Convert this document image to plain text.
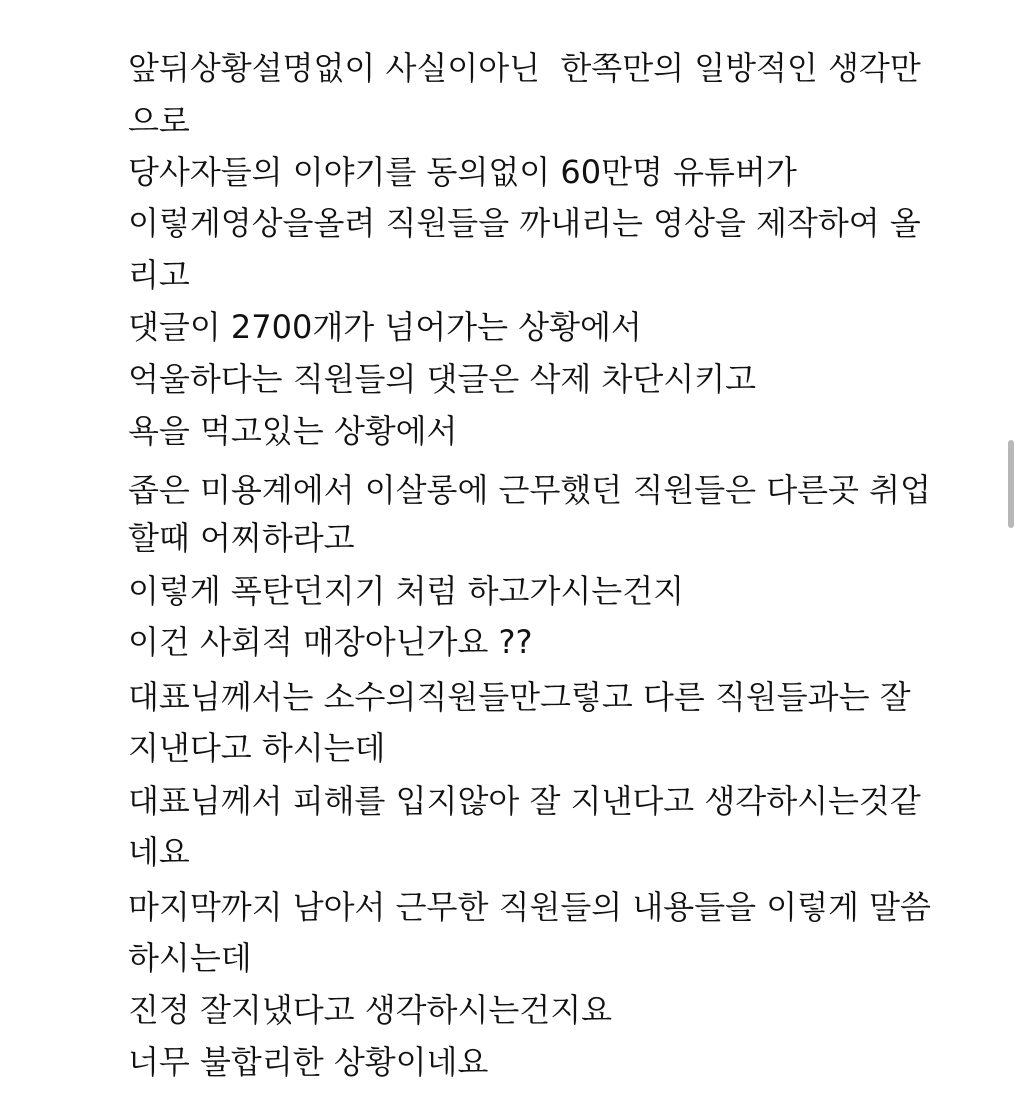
앞뒤상황설명없이 사실이아닌  한쪽만의 일방적인 생각만
으로
당사자들의 이야기를 동의없이 60만명 유튜버가
이렇게영상을올려 직원들을 까내리는 영상을 제작하여 올
리고
댓글이 2700개가 넘어가는 상황에서
억울하다는 직원들의 댓글은 삭제 차단시키고
욕을 먹고있는 상황에서
좁은 미용계에서 이살롱에 근무했던 직원들은 다른곳 취업
할때 어찌하라고
이렇게 폭탄던지기 처럼 하고가시는건지
이건 사회적 매장아닌가요 ??
대표님께서는 소수의직원들만그렇고 다른 직원들과는 잘
지낸다고 하시는데
대표님께서 피해를 입지않아 잘 지낸다고 생각하시는것같
네요
마지막까지 남아서 근무한 직원들의 내용들을 이렇게 말씀
하시는데
진정 잘지냈다고 생각하시는건지요
너무 불합리한 상황이네요
